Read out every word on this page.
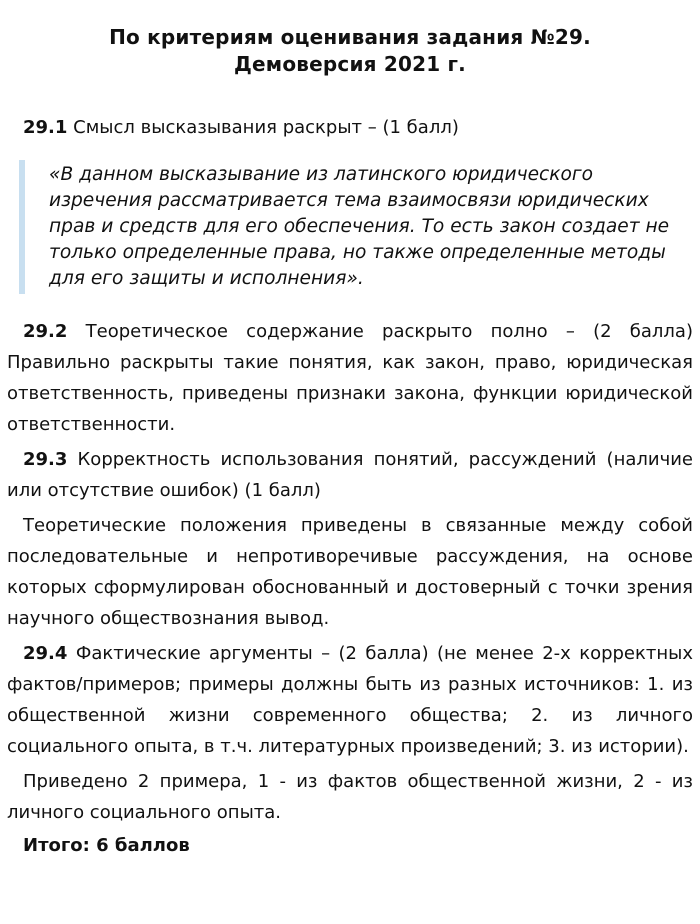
По критериям оценивания задания №29.
Демоверсия 2021 г.

29.1 Смысл высказывания раскрыт – (1 балл)

«В данном высказывание из латинского юридического изречения рассматривается тема взаимосвязи юридических прав и средств для его обеспечения. То есть закон создает не только определенные права, но также определенные методы для его защиты и исполнения».

29.2 Теоретическое содержание раскрыто полно – (2 балла) Правильно раскрыты такие понятия, как закон, право, юридическая ответственность, приведены признаки закона, функции юридической ответственности.

29.3 Корректность использования понятий, рассуждений (наличие или отсутствие ошибок) (1 балл)

Теоретические положения приведены в связанные между собой последовательные и непротиворечивые рассуждения, на основе которых сформулирован обоснованный и достоверный с точки зрения научного обществознания вывод.

29.4 Фактические аргументы – (2 балла) (не менее 2-х корректных фактов/примеров; примеры должны быть из разных источников: 1. из общественной жизни современного общества; 2. из личного социального опыта, в т.ч. литературных произведений; 3. из истории).

Приведено 2 примера, 1 - из фактов общественной жизни, 2 - из личного социального опыта.

Итого: 6 баллов
